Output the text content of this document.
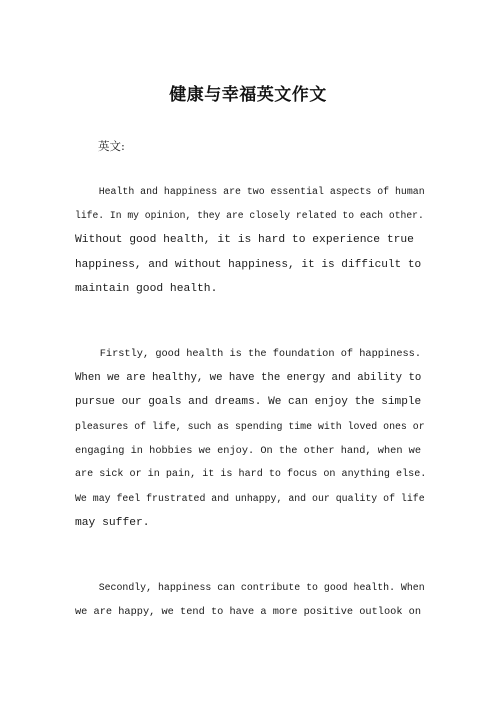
健康与幸福英文作文
英文:
Health and happiness are two essential aspects of human
life. In my opinion, they are closely related to each other.
Without good health, it is hard to experience true
happiness, and without happiness, it is difficult to
maintain good health.
Firstly, good health is the foundation of happiness.
When we are healthy, we have the energy and ability to
pursue our goals and dreams. We can enjoy the simple
pleasures of life, such as spending time with loved ones or
engaging in hobbies we enjoy. On the other hand, when we
are sick or in pain, it is hard to focus on anything else.
We may feel frustrated and unhappy, and our quality of life
may suffer.
Secondly, happiness can contribute to good health. When
we are happy, we tend to have a more positive outlook on
